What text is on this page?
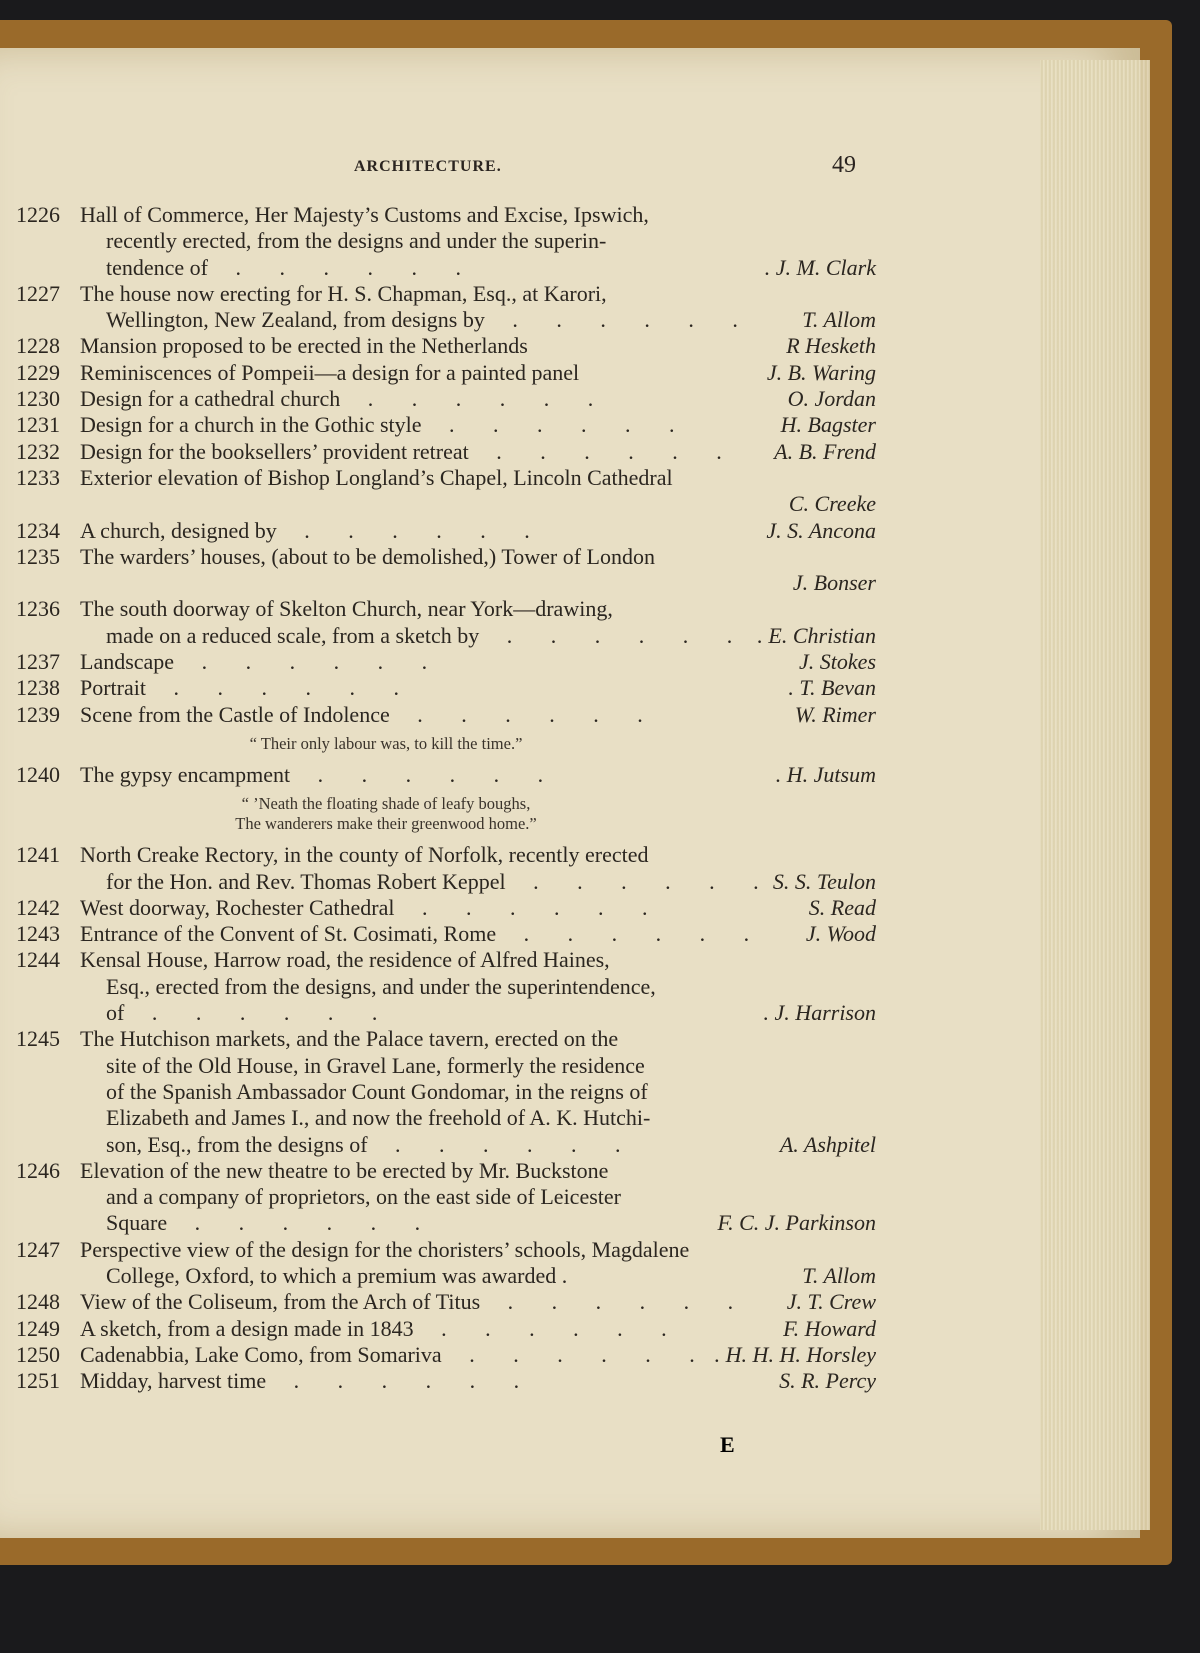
ARCHITECTURE.	49
1226 Hall of Commerce, Her Majesty’s Customs and Excise, Ipswich,
recently erected, from the designs and under the superin-
tendence of .       .       .       .       .       .	. J. M. Clark
1227 The house now erecting for H. S. Chapman, Esq., at Karori,
Wellington, New Zealand, from designs by .       .       .       .       .       .	T. Allom
1228 Mansion proposed to be erected in the Netherlands	R Hesketh
1229 Reminiscences of Pompeii—a design for a painted panel	J. B. Waring
1230 Design for a cathedral church .       .       .       .       .       .	O. Jordan
1231 Design for a church in the Gothic style .       .       .       .       .       .	H. Bagster
1232 Design for the booksellers’ provident retreat .       .       .       .       .       .	A. B. Frend
1233 Exterior elevation of Bishop Longland’s Chapel, Lincoln Cathedral
C. Creeke
1234 A church, designed by .       .       .       .       .       .	J. S. Ancona
1235 The warders’ houses, (about to be demolished,) Tower of London
J. Bonser
1236 The south doorway of Skelton Church, near York—drawing,
made on a reduced scale, from a sketch by .       .       .       .       .       .	. E. Christian
1237 Landscape .       .       .       .       .       .	J. Stokes
1238 Portrait .       .       .       .       .       .	. T. Bevan
1239 Scene from the Castle of Indolence .       .       .       .       .       .	W. Rimer
“ Their only labour was, to kill the time.”
1240 The gypsy encampment .       .       .       .       .       .	. H. Jutsum
“ ’Neath the floating shade of leafy boughs,
The wanderers make their greenwood home.”
1241 North Creake Rectory, in the county of Norfolk, recently erected
for the Hon. and Rev. Thomas Robert Keppel .       .       .       .       .       . S. S. Teulon
1242 West doorway, Rochester Cathedral .       .       .       .       .       .	S. Read
1243 Entrance of the Convent of St. Cosimati, Rome .       .       .       .       .       .	J. Wood
1244 Kensal House, Harrow road, the residence of Alfred Haines,
Esq., erected from the designs, and under the superintendence,
of .       .       .       .       .       .	. J. Harrison
1245 The Hutchison markets, and the Palace tavern, erected on the
site of the Old House, in Gravel Lane, formerly the residence
of the Spanish Ambassador Count Gondomar, in the reigns of
Elizabeth and James I., and now the freehold of A. K. Hutchi-
son, Esq., from the designs of .       .       .       .       .       .	A. Ashpitel
1246 Elevation of the new theatre to be erected by Mr. Buckstone
and a company of proprietors, on the east side of Leicester
Square .       .       .       .       .       .	F. C. J. Parkinson
1247 Perspective view of the design for the choristers’ schools, Magdalene
College, Oxford, to which a premium was awarded .	T. Allom
1248 View of the Coliseum, from the Arch of Titus .       .       .       .       .       .	J. T. Crew
1249 A sketch, from a design made in 1843 .       .       .       .       .       .	F. Howard
1250 Cadenabbia, Lake Como, from Somariva .       .       .       .       .       . . H. H. H. Horsley
1251 Midday, harvest time .       .       .       .       .       .	S. R. Percy
E
